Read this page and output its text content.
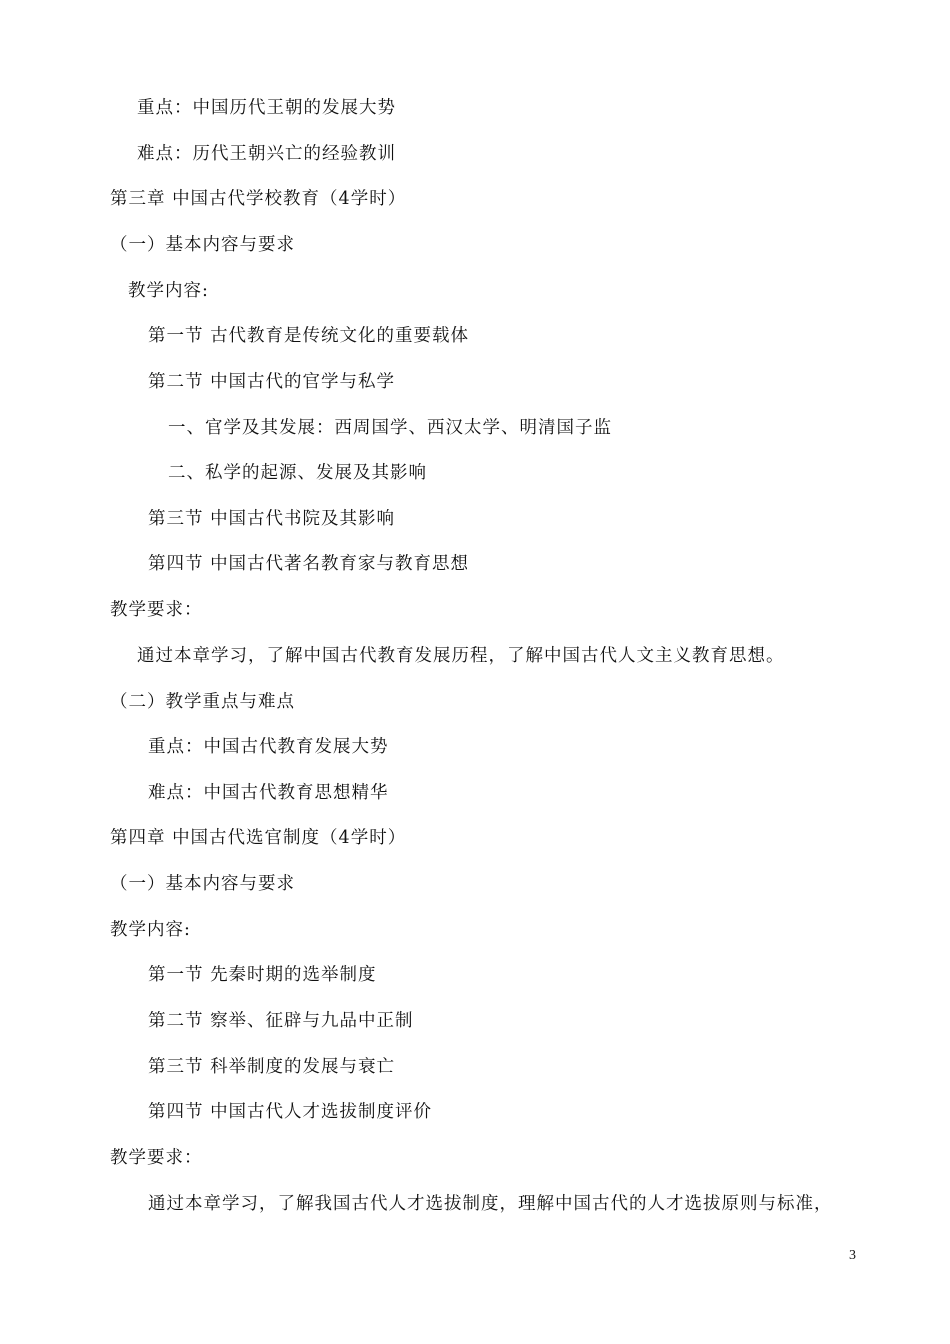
重点：中国历代王朝的发展大势
难点：历代王朝兴亡的经验教训
第三章 中国古代学校教育（4学时）
（一）基本内容与要求
教学内容:
第一节 古代教育是传统文化的重要载体
第二节 中国古代的官学与私学
一、官学及其发展：西周国学、西汉太学、明清国子监
二、私学的起源、发展及其影响
第三节 中国古代书院及其影响
第四节 中国古代著名教育家与教育思想
教学要求：
通过本章学习，了解中国古代教育发展历程，了解中国古代人文主义教育思想。
（二）教学重点与难点
重点：中国古代教育发展大势
难点：中国古代教育思想精华
第四章 中国古代选官制度（4学时）
（一）基本内容与要求
教学内容:
第一节 先秦时期的选举制度
第二节 察举、征辟与九品中正制
第三节 科举制度的发展与衰亡
第四节 中国古代人才选拔制度评价
教学要求：
通过本章学习，了解我国古代人才选拔制度，理解中国古代的人才选拔原则与标准，
3
